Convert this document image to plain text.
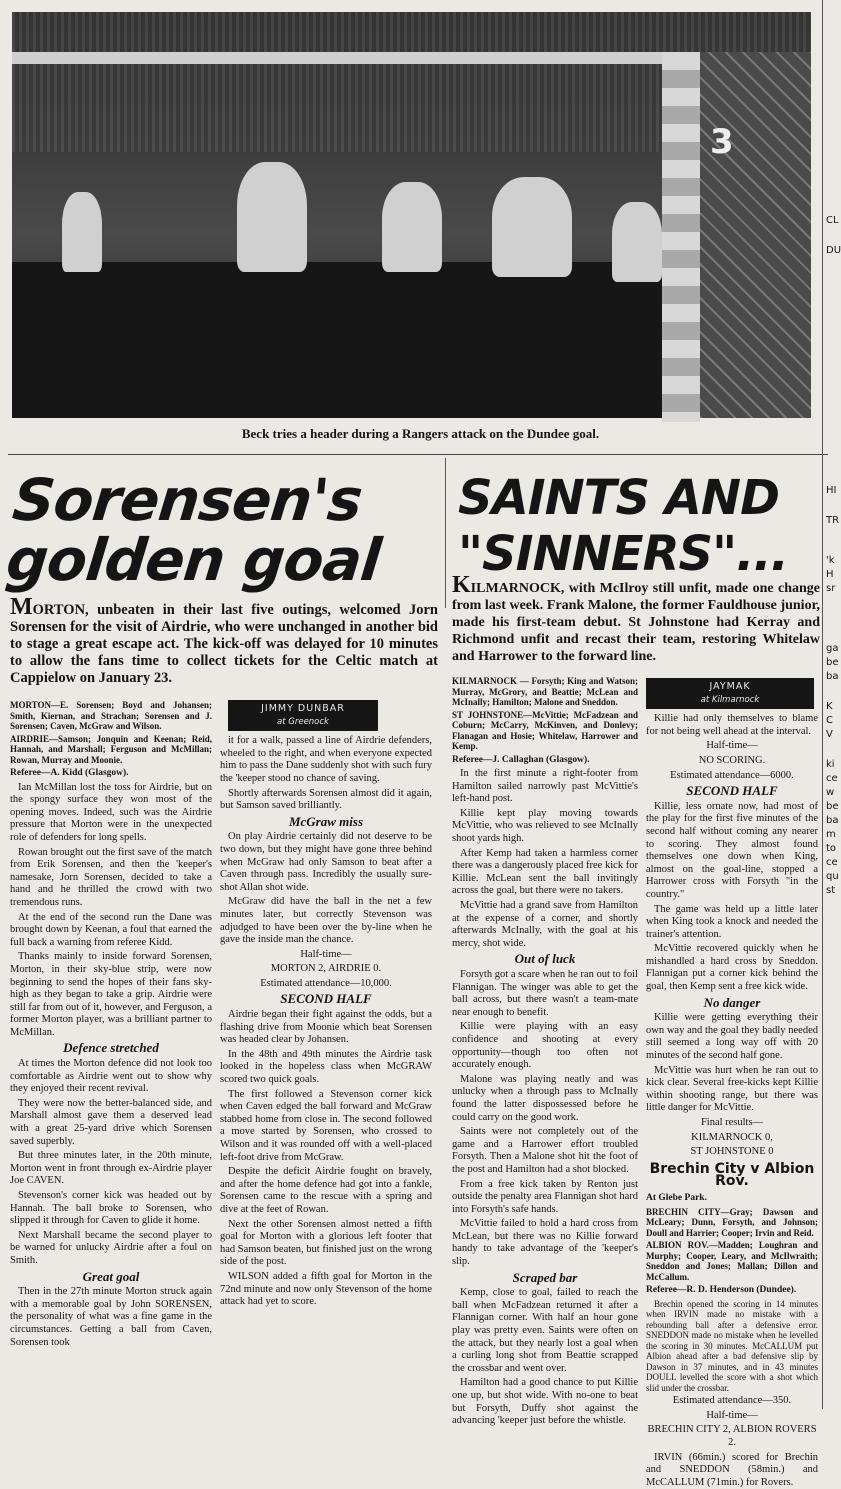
3
Beck tries a header during a Rangers attack on the Dundee goal.
Sorensen's
golden goal
MORTON, unbeaten in their last five outings, welcomed Jorn Sorensen for the visit of Airdrie, who were unchanged in another bid to stage a great escape act. The kick-off was delayed for 10 minutes to allow the fans time to collect tickets for the Celtic match at Cappielow on January 23.

MORTON—E. Sorensen; Boyd and Johansen; Smith, Kiernan, and Strachan; Sorensen and J. Sorensen; Caven, McGraw and Wilson.

AIRDRIE—Samson; Jonquin and Keenan; Reid, Hannah, and Marshall; Ferguson and McMillan; Rowan, Murray and Moonie.

Referee—A. Kidd (Glasgow).

Ian McMillan lost the toss for Airdrie, but on the spongy surface they won most of the opening moves. Indeed, such was the Airdrie pressure that Morton were in the unexpected role of defenders for long spells.

Rowan brought out the first save of the match from Erik Sorensen, and then the 'keeper's namesake, Jorn Sorensen, decided to take a hand and he thrilled the crowd with two tremendous runs.

At the end of the second run the Dane was brought down by Keenan, a foul that earned the full back a warning from referee Kidd.

Thanks mainly to inside forward Sorensen, Morton, in their sky-blue strip, were now beginning to send the hopes of their fans sky-high as they began to take a grip. Airdrie were still far from out of it, however, and Ferguson, a former Morton player, was a brilliant partner to McMillan.

Defence stretched

At times the Morton defence did not look too comfortable as Airdrie went out to show why they enjoyed their recent revival.

They were now the better-balanced side, and Marshall almost gave them a deserved lead with a great 25-yard drive which Sorensen saved superbly.

But three minutes later, in the 20th minute, Morton went in front through ex-Airdrie player Joe CAVEN.

Stevenson's corner kick was headed out by Hannah. The ball broke to Sorensen, who slipped it through for Caven to glide it home.

Next Marshall became the second player to be warned for unlucky Airdrie after a foul on Smith.

Great goal

Then in the 27th minute Morton struck again with a memorable goal by John SORENSEN, the personality of what was a fine game in the circumstances. Getting a ball from Caven, Sorensen took

JIMMY DUNBAR
at Greenock

it for a walk, passed a line of Airdrie defenders, wheeled to the right, and when everyone expected him to pass the Dane suddenly shot with such fury the 'keeper stood no chance of saving.

Shortly afterwards Sorensen almost did it again, but Samson saved brilliantly.

McGraw miss

On play Airdrie certainly did not deserve to be two down, but they might have gone three behind when McGraw had only Samson to beat after a Caven through pass. Incredibly the usually sure-shot Allan shot wide.

McGraw did have the ball in the net a few minutes later, but correctly Stevenson was adjudged to have been over the by-line when he gave the inside man the chance.

Half-time—

MORTON 2, AIRDRIE 0.

Estimated attendance—10,000.

SECOND HALF

Airdrie began their fight against the odds, but a flashing drive from Moonie which beat Sorensen was headed clear by Johansen.

In the 48th and 49th minutes the Airdrie task looked in the hopeless class when McGRAW scored two quick goals.

The first followed a Stevenson corner kick when Caven edged the ball forward and McGraw stabbed home from close in. The second followed a move started by Sorensen, who crossed to Wilson and it was rounded off with a well-placed left-foot drive from McGraw.

Despite the deficit Airdrie fought on bravely, and after the home defence had got into a fankle, Sorensen came to the rescue with a spring and dive at the feet of Rowan.

Next the other Sorensen almost netted a fifth goal for Morton with a glorious left footer that had Samson beaten, but finished just on the wrong side of the post.

WILSON added a fifth goal for Morton in the 72nd minute and now only Stevenson of the home attack had yet to score.

SAINTS AND
"SINNERS"...
KILMARNOCK, with McIlroy still unfit, made one change from last week. Frank Malone, the former Fauldhouse junior, made his first-team debut. St Johnstone had Kerray and Richmond unfit and recast their team, restoring Whitelaw and Harrower to the forward line.

KILMARNOCK — Forsyth; King and Watson; Murray, McGrory, and Beattie; McLean and McInally; Hamilton; Malone and Sneddon.

ST JOHNSTONE—McVittie; McFadzean and Coburn; McCarry, McKinven, and Donlevy; Flanagan and Hosie; Whitelaw, Harrower and Kemp.

Referee—J. Callaghan (Glasgow).

In the first minute a right-footer from Hamilton sailed narrowly past McVittie's left-hand post.

Killie kept play moving towards McVittie, who was relieved to see McInally shoot yards high.

After Kemp had taken a harmless corner there was a dangerously placed free kick for Killie. McLean sent the ball invitingly across the goal, but there were no takers.

McVittie had a grand save from Hamilton at the expense of a corner, and shortly afterwards McInally, with the goal at his mercy, shot wide.

Out of luck

Forsyth got a scare when he ran out to foil Flannigan. The winger was able to get the ball across, but there wasn't a team-mate near enough to benefit.

Killie were playing with an easy confidence and shooting at every opportunity—though too often not accurately enough.

Malone was playing neatly and was unlucky when a through pass to McInally found the latter dispossessed before he could carry on the good work.

Saints were not completely out of the game and a Harrower effort troubled Forsyth. Then a Malone shot hit the foot of the post and Hamilton had a shot blocked.

From a free kick taken by Renton just outside the penalty area Flannigan shot hard into Forsyth's safe hands.

McVittie failed to hold a hard cross from McLean, but there was no Killie forward handy to take advantage of the 'keeper's slip.

Scraped bar

Kemp, close to goal, failed to reach the ball when McFadzean returned it after a Flannigan corner. With half an hour gone play was pretty even. Saints were often on the attack, but they nearly lost a goal when a curling long shot from Beattie scrapped the crossbar and went over.

Hamilton had a good chance to put Killie one up, but shot wide. With no-one to beat but Forsyth, Duffy shot against the advancing 'keeper just before the whistle.

JAYMAK
at Kilmarnock

Killie had only themselves to blame for not being well ahead at the interval.

Half-time—

NO SCORING.

Estimated attendance—6000.

SECOND HALF

Killie, less ornate now, had most of the play for the first five minutes of the second half without coming any nearer to scoring. They almost found themselves one down when King, almost on the goal-line, stopped a Harrower cross with Forsyth "in the country."

The game was held up a little later when King took a knock and needed the trainer's attention.

McVittie recovered quickly when he mishandled a hard cross by Sneddon. Flannigan put a corner kick behind the goal, then Kemp sent a free kick wide.

No danger

Killie were getting everything their own way and the goal they badly needed still seemed a long way off with 20 minutes of the second half gone.

McVittie was hurt when he ran out to kick clear. Several free-kicks kept Killie within shooting range, but there was little danger for McVittie.

Final results—

KILMARNOCK 0,

ST JOHNSTONE 0

Brechin City v Albion Rov.

At Glebe Park.

BRECHIN CITY—Gray; Dawson and McLeary; Dunn, Forsyth, and Johnson; Doull and Harrier; Cooper; Irvin and Reid.

ALBION ROV.—Madden; Loughran and Murphy; Cooper, Leary, and McIlwraith; Sneddon and Jones; Mallan; Dillon and McCallum.

Referee—R. D. Henderson (Dundee).

Brechin opened the scoring in 14 minutes when IRVIN made no mistake with a rebounding ball after a defensive error. SNEDDON made no mistake when he levelled the scoring in 30 minutes. McCALLUM put Albion ahead after a bad defensive slip by Dawson in 37 minutes, and in 43 minutes DOULL levelled the score with a shot which slid under the crossbar.

Estimated attendance—350.

Half-time—

BRECHIN CITY 2, ALBION ROVERS 2.

IRVIN (66min.) scored for Brechin and SNEDDON (58min.) and McCALLUM (71min.) for Rovers.

CL
DU
HI
TR
'k
H
sr
ga
be
ba
K
C
V
ki
ce
w
be
ba
m
to
ce
qu
st
